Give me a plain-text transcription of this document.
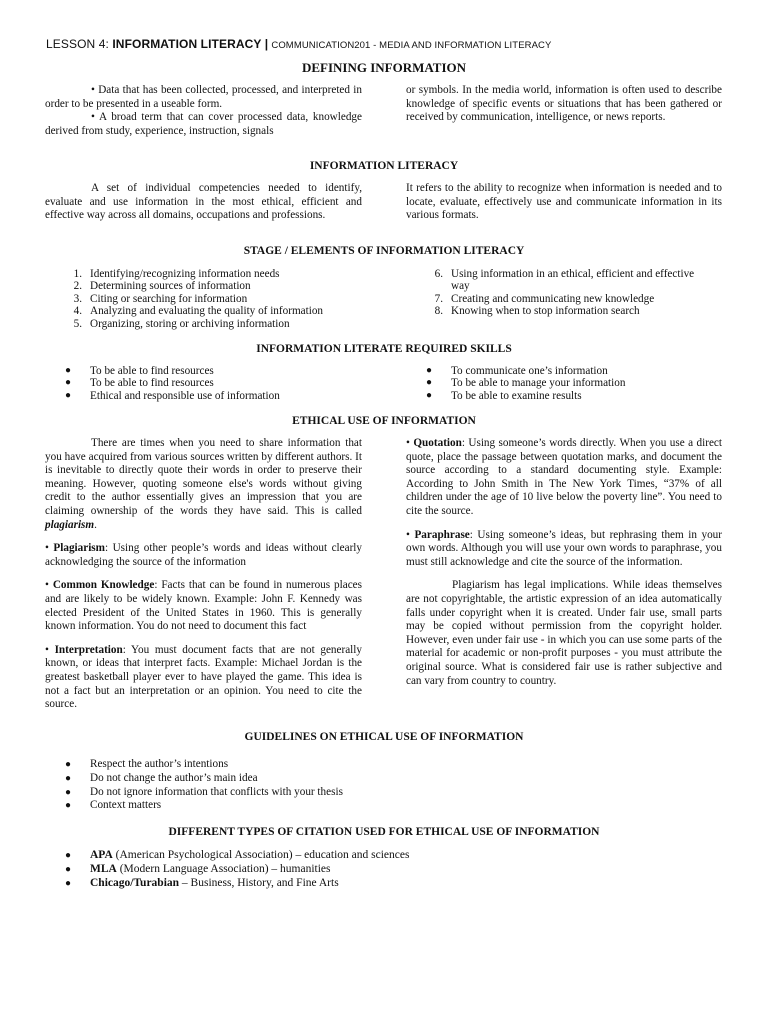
LESSON 4: INFORMATION LITERACY | COMMUNICATION201 - MEDIA AND INFORMATION LITERACY
DEFINING INFORMATION

• Data that has been collected, processed, and interpreted in order to be presented in a useable form.

• A broad term that can cover processed data, knowledge derived from study, experience, instruction, signals

or symbols. In the media world, information is often used to describe knowledge of specific events or situations that has been gathered or received by communication, intelligence, or news reports.
INFORMATION LITERACY
A set of individual competencies needed to identify, evaluate and use information in the most ethical, efficient and effective way across all domains, occupations and professions.
It refers to the ability to recognize when information is needed and to locate, evaluate, effectively use and communicate information in its various formats.
STAGE / ELEMENTS OF INFORMATION LITERACY
1. Identifying/recognizing information needs
2. Determining sources of information
3. Citing or searching for information
4. Analyzing and evaluating the quality of information
5. Organizing, storing or archiving information
6. Using information in an ethical, efficient and effective way
7. Creating and communicating new knowledge
8. Knowing when to stop information search
INFORMATION LITERATE REQUIRED SKILLS
● To be able to find resources
● To be able to find resources
● Ethical and responsible use of information
● To communicate one’s information
● To be able to manage your information
● To be able to examine results
ETHICAL USE OF INFORMATION

There are times when you need to share information that you have acquired from various sources written by different authors. It is inevitable to directly quote their words in order to preserve their meaning. However, quoting someone else's words without giving credit to the author essentially gives an impression that you are claiming ownership of the words they have said. This is called plagiarism.

• Plagiarism: Using other people’s words and ideas without clearly acknowledging the source of the information

• Common Knowledge: Facts that can be found in numerous places and are likely to be widely known. Example: John F. Kennedy was elected President of the United States in 1960. This is generally known information. You do not need to document this fact

• Interpretation: You must document facts that are not generally known, or ideas that interpret facts. Example: Michael Jordan is the greatest basketball player ever to have played the game. This idea is not a fact but an interpretation or an opinion. You need to cite the source.

• Quotation: Using someone’s words directly. When you use a direct quote, place the passage between quotation marks, and document the source according to a standard documenting style. Example: According to John Smith in The New York Times, “37% of all children under the age of 10 live below the poverty line”. You need to cite the source.

• Paraphrase: Using someone’s ideas, but rephrasing them in your own words. Although you will use your own words to paraphrase, you must still acknowledge and cite the source of the information.

Plagiarism has legal implications. While ideas themselves are not copyrightable, the artistic expression of an idea automatically falls under copyright when it is created. Under fair use, small parts may be copied without permission from the copyright holder. However, even under fair use - in which you can use some parts of the material for academic or non-profit purposes - you must attribute the original source. What is considered fair use is rather subjective and can vary from country to country.

GUIDELINES ON ETHICAL USE OF INFORMATION
● Respect the author’s intentions
● Do not change the author’s main idea
● Do not ignore information that conflicts with your thesis
● Context matters
DIFFERENT TYPES OF CITATION USED FOR ETHICAL USE OF INFORMATION
● APA (American Psychological Association) – education and sciences
● MLA (Modern Language Association) – humanities
● Chicago/Turabian – Business, History, and Fine Arts
